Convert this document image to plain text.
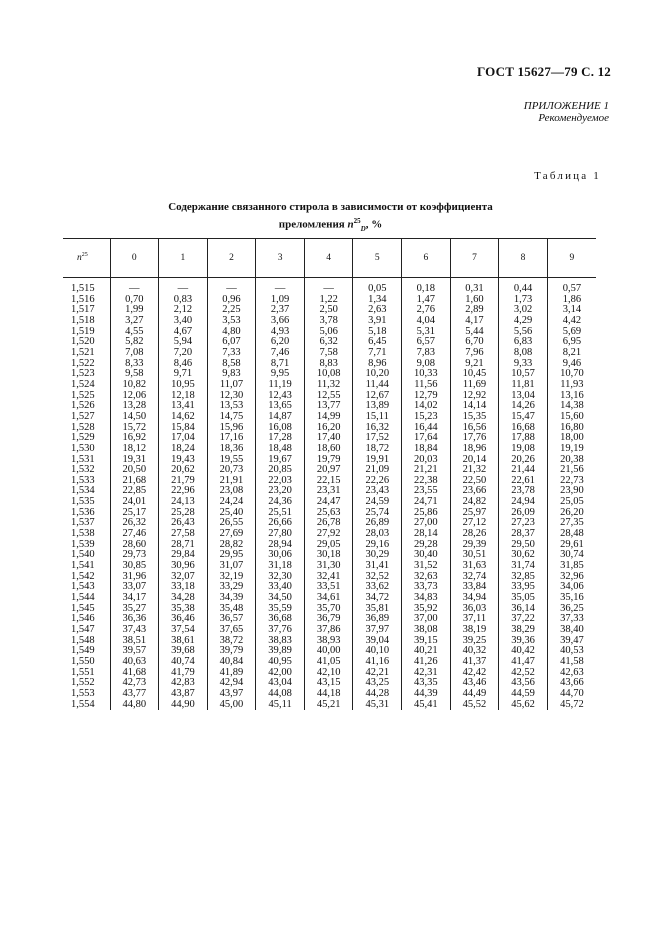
ГОСТ 15627—79 С. 12
ПРИЛОЖЕНИЕ 1
Рекомендуемое
Таблица 1
Содержание связанного стирола в зависимости от коэффициента
преломления $n^{25}_D$, %
$n^{25}$	0	1	2	3	4	5	6	7	8	9
1,515	—	—	—	—	—	0,05	0,18	0,31	0,44	0,57
1,516	0,70	0,83	0,96	1,09	1,22	1,34	1,47	1,60	1,73	1,86
1,517	1,99	2,12	2,25	2,37	2,50	2,63	2,76	2,89	3,02	3,14
1,518	3,27	3,40	3,53	3,66	3,78	3,91	4,04	4,17	4,29	4,42
1,519	4,55	4,67	4,80	4,93	5,06	5,18	5,31	5,44	5,56	5,69
1,520	5,82	5,94	6,07	6,20	6,32	6,45	6,57	6,70	6,83	6,95
1,521	7,08	7,20	7,33	7,46	7,58	7,71	7,83	7,96	8,08	8,21
1,522	8,33	8,46	8,58	8,71	8,83	8,96	9,08	9,21	9,33	9,46
1,523	9,58	9,71	9,83	9,95	10,08	10,20	10,33	10,45	10,57	10,70
1,524	10,82	10,95	11,07	11,19	11,32	11,44	11,56	11,69	11,81	11,93
1,525	12,06	12,18	12,30	12,43	12,55	12,67	12,79	12,92	13,04	13,16
1,526	13,28	13,41	13,53	13,65	13,77	13,89	14,02	14,14	14,26	14,38
1,527	14,50	14,62	14,75	14,87	14,99	15,11	15,23	15,35	15,47	15,60
1,528	15,72	15,84	15,96	16,08	16,20	16,32	16,44	16,56	16,68	16,80
1,529	16,92	17,04	17,16	17,28	17,40	17,52	17,64	17,76	17,88	18,00
1,530	18,12	18,24	18,36	18,48	18,60	18,72	18,84	18,96	19,08	19,19
1,531	19,31	19,43	19,55	19,67	19,79	19,91	20,03	20,14	20,26	20,38
1,532	20,50	20,62	20,73	20,85	20,97	21,09	21,21	21,32	21,44	21,56
1,533	21,68	21,79	21,91	22,03	22,15	22,26	22,38	22,50	22,61	22,73
1,534	22,85	22,96	23,08	23,20	23,31	23,43	23,55	23,66	23,78	23,90
1,535	24,01	24,13	24,24	24,36	24,47	24,59	24,71	24,82	24,94	25,05
1,536	25,17	25,28	25,40	25,51	25,63	25,74	25,86	25,97	26,09	26,20
1,537	26,32	26,43	26,55	26,66	26,78	26,89	27,00	27,12	27,23	27,35
1,538	27,46	27,58	27,69	27,80	27,92	28,03	28,14	28,26	28,37	28,48
1,539	28,60	28,71	28,82	28,94	29,05	29,16	29,28	29,39	29,50	29,61
1,540	29,73	29,84	29,95	30,06	30,18	30,29	30,40	30,51	30,62	30,74
1,541	30,85	30,96	31,07	31,18	31,30	31,41	31,52	31,63	31,74	31,85
1,542	31,96	32,07	32,19	32,30	32,41	32,52	32,63	32,74	32,85	32,96
1,543	33,07	33,18	33,29	33,40	33,51	33,62	33,73	33,84	33,95	34,06
1,544	34,17	34,28	34,39	34,50	34,61	34,72	34,83	34,94	35,05	35,16
1,545	35,27	35,38	35,48	35,59	35,70	35,81	35,92	36,03	36,14	36,25
1,546	36,36	36,46	36,57	36,68	36,79	36,89	37,00	37,11	37,22	37,33
1,547	37,43	37,54	37,65	37,76	37,86	37,97	38,08	38,19	38,29	38,40
1,548	38,51	38,61	38,72	38,83	38,93	39,04	39,15	39,25	39,36	39,47
1,549	39,57	39,68	39,79	39,89	40,00	40,10	40,21	40,32	40,42	40,53
1,550	40,63	40,74	40,84	40,95	41,05	41,16	41,26	41,37	41,47	41,58
1,551	41,68	41,79	41,89	42,00	42,10	42,21	42,31	42,42	42,52	42,63
1,552	42,73	42,83	42,94	43,04	43,15	43,25	43,35	43,46	43,56	43,66
1,553	43,77	43,87	43,97	44,08	44,18	44,28	44,39	44,49	44,59	44,70
1,554	44,80	44,90	45,00	45,11	45,21	45,31	45,41	45,52	45,62	45,72
